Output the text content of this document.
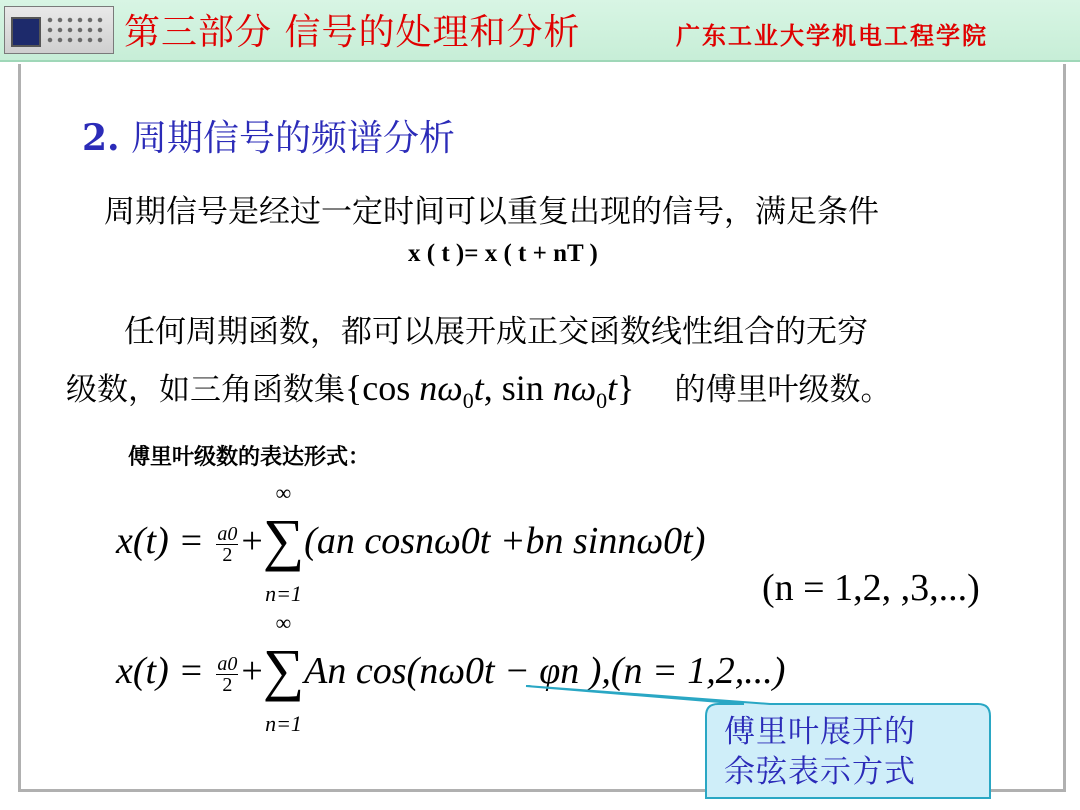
第三部分 信号的处理和分析	广东工业大学机电工程学院
2. 周期信号的频谱分析
周期信号是经过一定时间可以重复出现的信号，满足条件
x ( t )= x ( t + nT )
任何周期函数，都可以展开成正交函数线性组合的无穷
级数，如三角函数集{cos $n\omega_0t$, $\sin n\omega_0t$} 的傅里叶级数。
傅里叶级数的表达形式：
$x(t) = \frac{a0}{2}$ +∑
∞
n=1
(an cosnω0t +bn sinnω0t)
(n = 1,2, ,3,...)
$x(t) = \frac{a0}{2}$ +∑
∞
n=1
An cos(nω0t − φn ),(n = 1,2,...)
傅里叶展开的
余弦表示方式
